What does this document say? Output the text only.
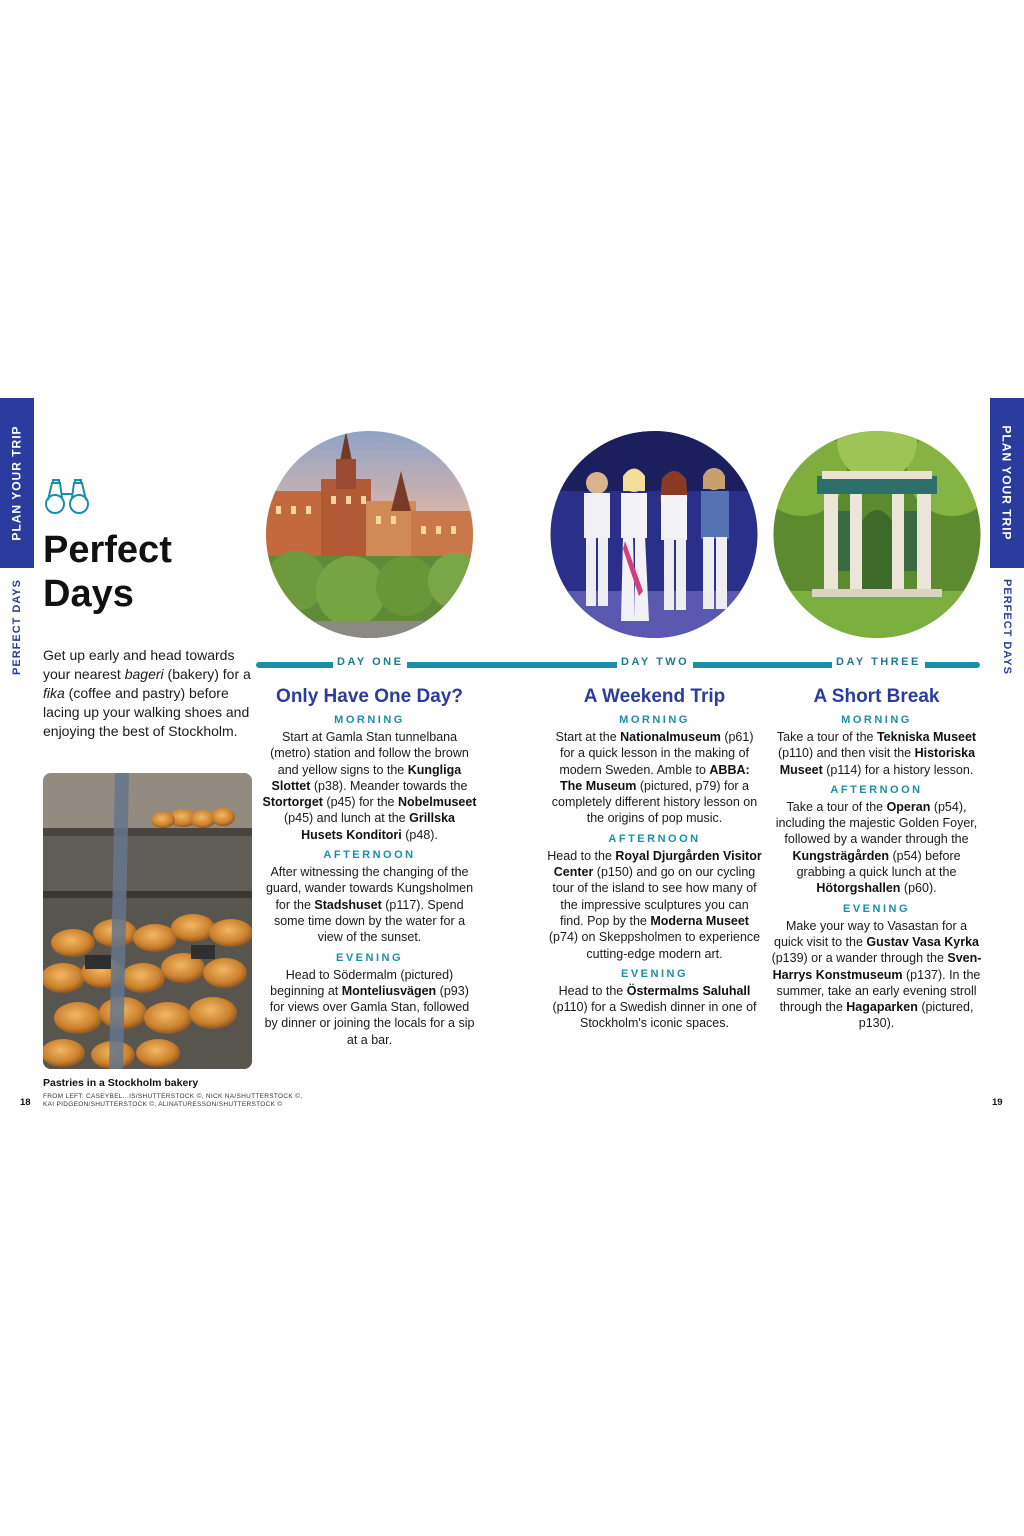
PLAN YOUR TRIP
PERFECT DAYS
PLAN YOUR TRIP
PERFECT DAYS
Perfect
Days
Get up early and head towards your nearest bageri (bakery) for a fika (coffee and pastry) before lacing up your walking shoes and enjoying the best of Stockholm.
DAY ONE	DAY TWO	DAY THREE
Only Have One Day?
MORNING

Start at Gamla Stan tunnelbana (metro) station and follow the brown and yellow signs to the Kungliga Slottet (p38). Meander towards the Stortorget (p45) for the Nobelmuseet (p45) and lunch at the Grillska Husets Konditori (p48).

AFTERNOON

After witnessing the changing of the guard, wander towards Kungsholmen for the Stadshuset (p117). Spend some time down by the water for a view of the sunset.

EVENING

Head to Södermalm (pictured) beginning at Monteliusvägen (p93) for views over Gamla Stan, followed by dinner or joining the locals for a sip at a bar.

A Weekend Trip
MORNING

Start at the Nationalmuseum (p61) for a quick lesson in the making of modern Sweden. Amble to ABBA: The Museum (pictured, p79) for a completely different history lesson on the origins of pop music.

AFTERNOON

Head to the Royal Djurgården Visitor Center (p150) and go on our cycling tour of the island to see how many of the impressive sculptures you can find. Pop by the Moderna Museet (p74) on Skeppsholmen to experience cutting-edge modern art.

EVENING

Head to the Östermalms Saluhall (p110) for a Swedish dinner in one of Stockholm's iconic spaces.

A Short Break
MORNING

Take a tour of the Tekniska Museet (p110) and then visit the Historiska Museet (p114) for a history lesson.

AFTERNOON

Take a tour of the Operan (p54), including the majestic Golden Foyer, followed by a wander through the Kungsträgården (p54) before grabbing a quick lunch at the Hötorgshallen (p60).

EVENING

Make your way to Vasastan for a quick visit to the Gustav Vasa Kyrka (p139) or a wander through the Sven-Harrys Konstmuseum (p137). In the summer, take an early evening stroll through the Hagaparken (pictured, p130).

Pastries in a Stockholm bakery
FROM LEFT: CASEYBEL...IS/SHUTTERSTOCK ©, NICK NA/SHUTTERSTOCK ©,
KAI PIDGEON/SHUTTERSTOCK ©, ALINATURESSON/SHUTTERSTOCK ©
18	19
